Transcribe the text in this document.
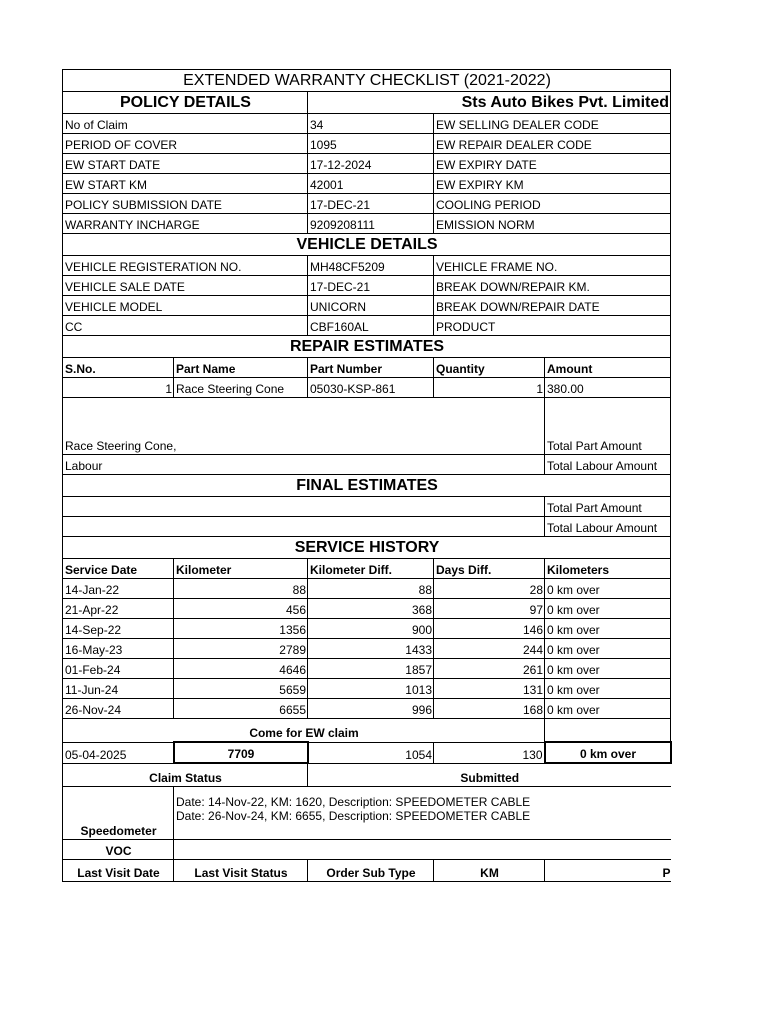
EXTENDED WARRANTY CHECKLIST (2021-2022)				
POLICY DETAILS		Sts Auto Bikes Pvt. Limited		
No of Claim		34	EW SELLING DEALER CODE	
PERIOD OF COVER		1095	EW REPAIR DEALER CODE	
EW START DATE		17-12-2024	EW EXPIRY DATE	
EW START KM		42001	EW EXPIRY KM	
POLICY SUBMISSION DATE		17-DEC-21	COOLING PERIOD	
WARRANTY INCHARGE		9209208111	EMISSION NORM	
VEHICLE DETAILS				
VEHICLE REGISTERATION NO.		MH48CF5209	VEHICLE FRAME NO.	
VEHICLE SALE DATE		17-DEC-21	BREAK DOWN/REPAIR KM.	
VEHICLE MODEL		UNICORN	BREAK DOWN/REPAIR DATE	
CC		CBF160AL	PRODUCT	
REPAIR ESTIMATES				
S.No.	Part Name	Part Number	Quantity	Amount
1	Race Steering Cone	05030-KSP-861	1	380.00
Race Steering Cone,				Total Part Amount
Labour				Total Labour Amount
FINAL ESTIMATES				
				Total Part Amount
				Total Labour Amount
SERVICE HISTORY				
Service Date	Kilometer	Kilometer Diff.	Days Diff.	Kilometers
14-Jan-22	88	88	28	0 km over
21-Apr-22	456	368	97	0 km over
14-Sep-22	1356	900	146	0 km over
16-May-23	2789	1433	244	0 km over
01-Feb-24	4646	1857	261	0 km over
11-Jun-24	5659	1013	131	0 km over
26-Nov-24	6655	996	168	0 km over
Come for EW claim				
05-04-2025	7709	1054	130	0 km over
Claim Status		Submitted		
Speedometer	Date: 14-Nov-22, KM: 1620, Description: SPEEDOMETER CABLE
Date: 26-Nov-24, KM: 6655, Description: SPEEDOMETER CABLE			

VOC				
Last Visit Date	Last Visit Status	Order Sub Type	KM	P
